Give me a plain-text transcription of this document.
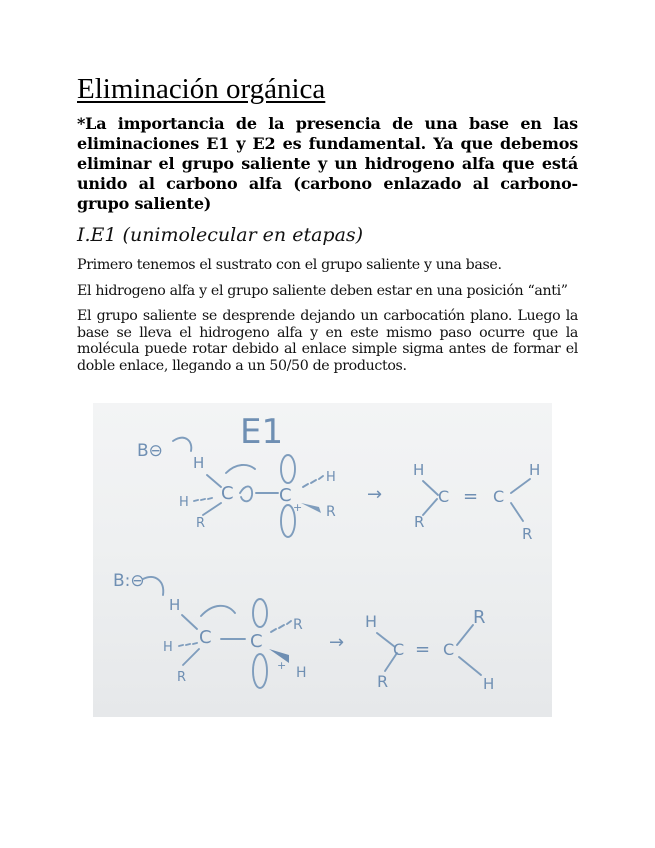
Eliminación orgánica

*La importancia de la presencia de una base en las eliminaciones E1 y E2 es fundamental. Ya que debemos eliminar el grupo saliente y un hidrogeno alfa que está unido al carbono alfa (carbono enlazado al carbono-grupo saliente)

I.E1 (unimolecular en etapas)

Primero tenemos el sustrato con el grupo saliente y una base.

El hidrogeno alfa y el grupo saliente deben estar en una posición “anti”

El grupo saliente se desprende dejando un carbocatión plano. Luego la base se lleva el hidrogeno alfa y en este mismo paso ocurre que la molécula puede rotar debido al enlace simple sigma antes de formar el doble enlace, llegando a un 50/50 de productos.

E1
B⊖
H
H C
R
C
+
H
R
→
H
R
C = C
H
R
B:⊖
H
H C
R
C
+
R
H
→
H
R
C = C
R
H
